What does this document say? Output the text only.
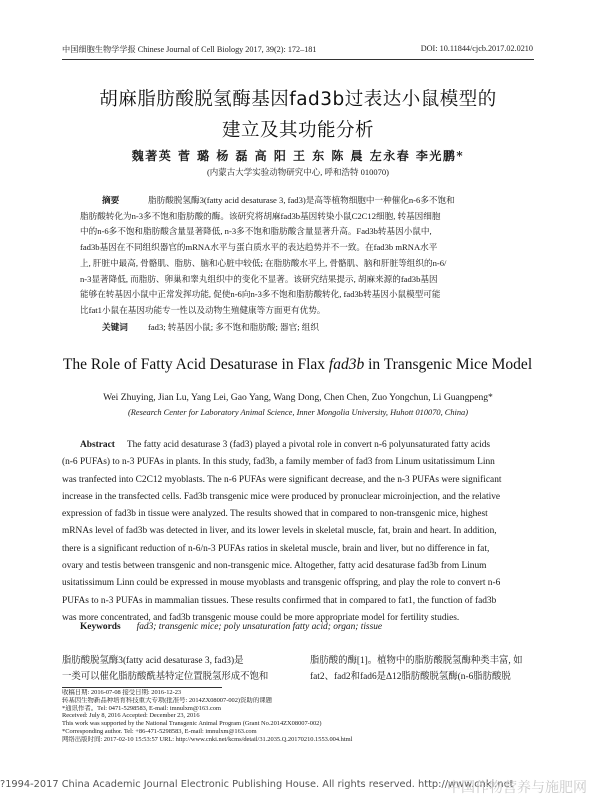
中国细胞生物学学报 Chinese Journal of Cell Biology 2017, 39(2): 172–181	DOI: 10.11844/cjcb.2017.02.0210
胡麻脂肪酸脱氢酶基因fad3b过表达小鼠模型的
建立及其功能分析
魏著英 菅 璐 杨 磊 高 阳 王 东 陈 晨 左永春 李光鹏*
(内蒙古大学实验动物研究中心, 呼和浩特 010070)
摘要	脂肪酸脱氢酶3(fatty acid desaturase 3, fad3)是高等植物细胞中一种催化n-6多不饱和
脂肪酸转化为n-3多不饱和脂肪酸的酶。该研究将胡麻fad3b基因转染小鼠C2C12细胞, 转基因细胞
中的n-6多不饱和脂肪酸含量显著降低, n-3多不饱和脂肪酸含量显著升高。Fad3b转基因小鼠中,
fad3b基因在不同组织器官的mRNA水平与蛋白质水平的表达趋势并不一致。在fad3b mRNA水平
上, 肝脏中最高, 骨骼肌、脂肪、脑和心脏中较低; 在脂肪酸水平上, 骨骼肌、脑和肝脏等组织的n-6/
n-3显著降低, 而脂肪、卵巢和睾丸组织中的变化不显著。该研究结果提示, 胡麻来源的fad3b基因
能够在转基因小鼠中正常发挥功能, 促使n-6向n-3多不饱和脂肪酸转化, fad3b转基因小鼠模型可能
比fat1小鼠在基因功能专一性以及动物生殖健康等方面更有优势。
关键词 fad3; 转基因小鼠; 多不饱和脂肪酸; 器官; 组织
The Role of Fatty Acid Desaturase in Flax fad3b in Transgenic Mice Model
Wei Zhuying, Jian Lu, Yang Lei, Gao Yang, Wang Dong, Chen Chen, Zuo Yongchun, Li Guangpeng*
(Research Center for Laboratory Animal Science, Inner Mongolia University, Huhott 010070, China)
Abstract The fatty acid desaturase 3 (fad3) played a pivotal role in convert n-6 polyunsaturated fatty acids
(n-6 PUFAs) to n-3 PUFAs in plants. In this study, fad3b, a family member of fad3 from Linum usitatissimum Linn
was tranfected into C2C12 myoblasts. The n-6 PUFAs were significant decrease, and the n-3 PUFAs were significant
increase in the transfected cells. Fad3b transgenic mice were produced by pronuclear microinjection, and the relative
expression of fad3b in tissue were analyzed. The results showed that in compared to non-transgenic mice, highest
mRNAs level of fad3b was detected in liver, and its lower levels in skeletal muscle, fat, brain and heart. In addition,
there is a significant reduction of n-6/n-3 PUFAs ratios in skeletal muscle, brain and liver, but no difference in fat,
ovary and testis between transgenic and non-transgenic mice. Altogether, fatty acid desaturase fad3b from Linum
usitatissimum Linn could be expressed in mouse myoblasts and transgenic offspring, and play the role to convert n-6
PUFAs to n-3 PUFAs in mammalian tissues. These results confirmed that in compared to fat1, the function of fad3b
was more concentrated, and fad3b transgenic mouse could be more appropriate model for fertility studies.
Keywords fad3; transgenic mice; poly unsaturation fatty acid; organ; tissue
脂肪酸脱氢酶3(fatty acid desaturase 3, fad3)是
一类可以催化脂肪酸酰基特定位置脱氢形成不饱和
脂肪酸的酶[1]。植物中的脂肪酸脱氢酶种类丰富, 如
fat2、fad2和fad6是Δ12脂肪酸脱氢酶(n-6脂肪酸脱
收稿日期: 2016-07-08 接受日期: 2016-12-23
转基因生物新品种培育科技重大专项(批准号: 2014ZX08007-002)资助的课题
*通讯作者。Tel: 0471-5298583, E-mail: imnulxm@163.com
Received: July 8, 2016 Accepted: December 23, 2016
This work was supported by the National Transgenic Animal Program (Grant No.2014ZX08007-002)
*Corresponding author. Tel: +86-471-5298583, E-mail: imnulxm@163.com
网络出版时间: 2017-02-10 15:53:57 URL: http://www.cnki.net/kcms/detail/31.2035.Q.20170210.1553.004.html
?1994-2017 China Academic Journal Electronic Publishing House. All rights reserved. http://www.cnki.net
中国作物营养与施肥网
